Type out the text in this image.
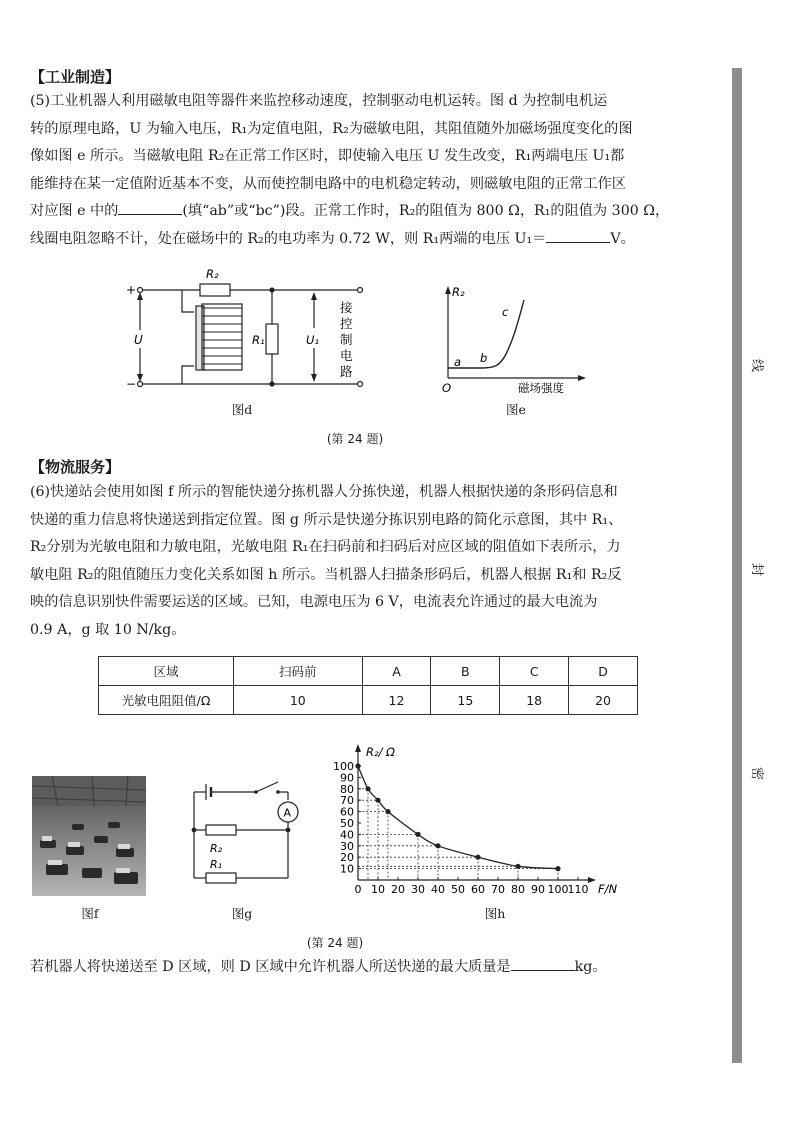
【工业制造】
(5)工业机器人利用磁敏电阻等器件来监控移动速度，控制驱动电机运转。图 d 为控制电机运
转的原理电路，U 为输入电压，R₁为定值电阻，R₂为磁敏电阻，其阻值随外加磁场强度变化的图
像如图 e 所示。当磁敏电阻 R₂在正常工作区时，即使输入电压 U 发生改变，R₁两端电压 U₁都
能维持在某一定值附近基本不变，从而使控制电路中的电机稳定转动，则磁敏电阻的正常工作区
对应图 e 中的	(填“ab”或“bc”)段。正常工作时，R₂的阻值为 800 Ω，R₁的阻值为 300 Ω，
线圈电阻忽略不计，处在磁场中的 R₂的电功率为 0.72 W，则 R₁两端的电压 U₁＝	V。
+
−
U
R₂
R₁	U₁
接
控
制
电
路
图d
R₂
O	磁场强度
a b
c
图e
(第 24 题)
【物流服务】
(6)快递站会使用如图 f 所示的智能快递分拣机器人分拣快递，机器人根据快递的条形码信息和
快递的重力信息将快递送到指定位置。图 g 所示是快递分拣识别电路的简化示意图，其中 R₁、
R₂分别为光敏电阻和力敏电阻，光敏电阻 R₁在扫码前和扫码后对应区域的阻值如下表所示，力
敏电阻 R₂的阻值随压力变化关系如图 h 所示。当机器人扫描条形码后，机器人根据 R₁和 R₂反
映的信息识别快件需要运送的区域。已知，电源电压为 6 V，电流表允许通过的最大电流为
0.9 A，g 取 10 N/kg。
区域	扫码前	A	B	C	D
光敏电阻阻值/Ω	10	12	15	18	20
图f
A
R₂
R₁
图g
0 10 20 30 40 50 60 70 80 90 100 110
10
20
30
40
50
60
70
80
90
100
R₂/ Ω
F/N
图h
(第 24 题)
若机器人将快递送至 D 区域，则 D 区域中允许机器人所送快递的最大质量是	kg。
线
封
密
